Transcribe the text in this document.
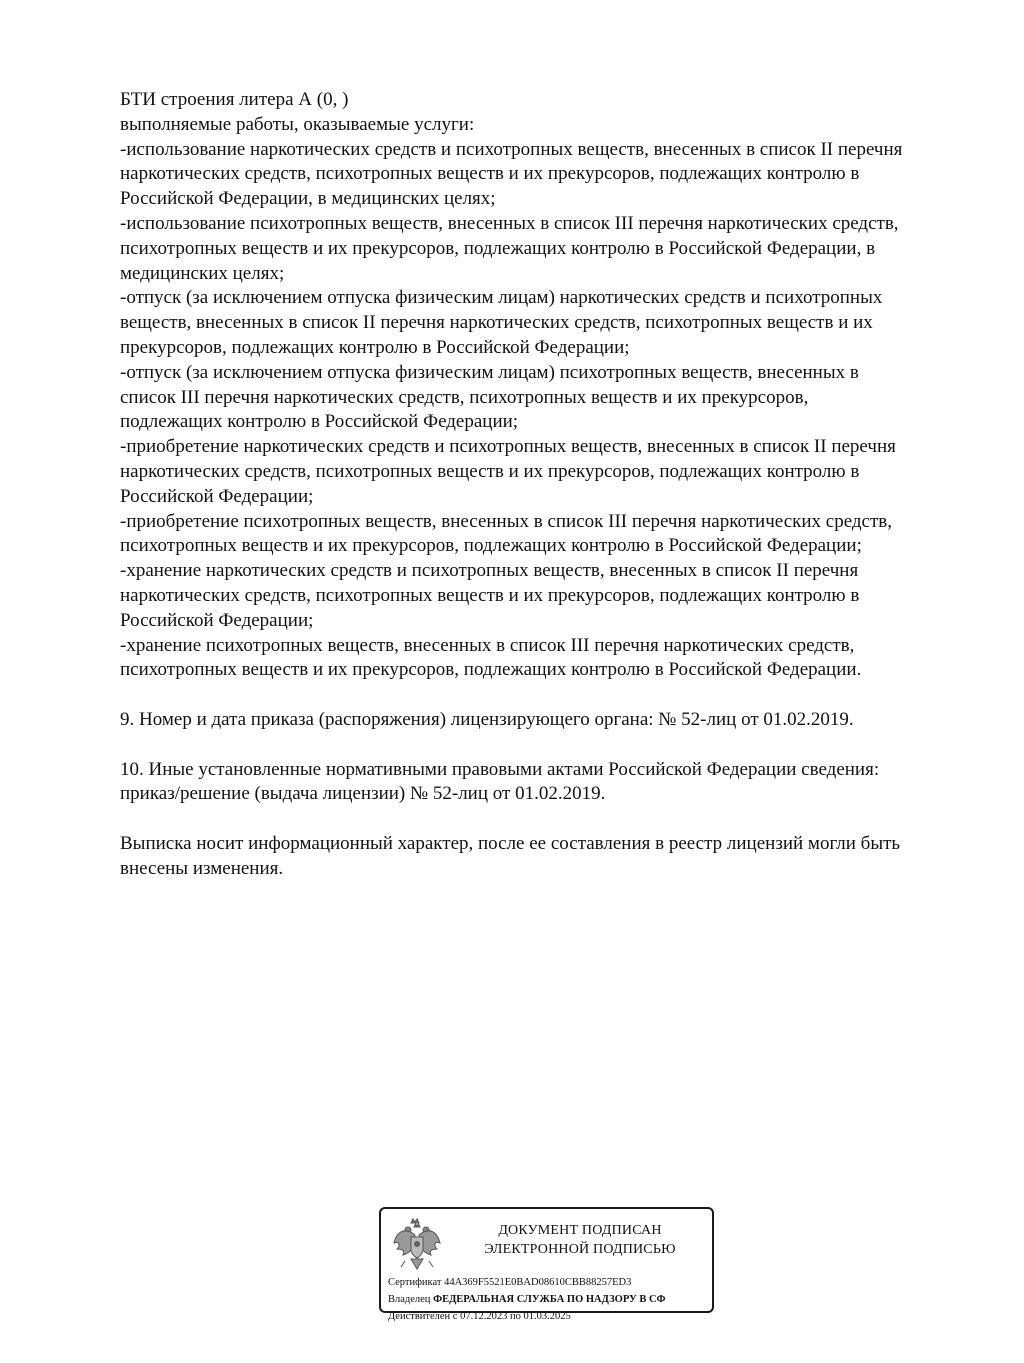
БТИ строения литера А (0, )
выполняемые работы, оказываемые услуги:
-использование наркотических средств и психотропных веществ, внесенных в список II перечня
наркотических средств, психотропных веществ и их прекурсоров, подлежащих контролю в
Российской Федерации, в медицинских целях;
-использование психотропных веществ, внесенных в список III перечня наркотических средств,
психотропных веществ и их прекурсоров, подлежащих контролю в Российской Федерации, в
медицинских целях;
-отпуск (за исключением отпуска физическим лицам) наркотических средств и психотропных
веществ, внесенных в список II перечня наркотических средств, психотропных веществ и их
прекурсоров, подлежащих контролю в Российской Федерации;
-отпуск (за исключением отпуска физическим лицам) психотропных веществ, внесенных в
список III перечня наркотических средств, психотропных веществ и их прекурсоров,
подлежащих контролю в Российской Федерации;
-приобретение наркотических средств и психотропных веществ, внесенных в список II перечня
наркотических средств, психотропных веществ и их прекурсоров, подлежащих контролю в
Российской Федерации;
-приобретение психотропных веществ, внесенных в список III перечня наркотических средств,
психотропных веществ и их прекурсоров, подлежащих контролю в Российской Федерации;
-хранение наркотических средств и психотропных веществ, внесенных в список II перечня
наркотических средств, психотропных веществ и их прекурсоров, подлежащих контролю в
Российской Федерации;
-хранение психотропных веществ, внесенных в список III перечня наркотических средств,
психотропных веществ и их прекурсоров, подлежащих контролю в Российской Федерации.
9. Номер и дата приказа (распоряжения) лицензирующего органа: № 52-лиц от 01.02.2019.
10. Иные установленные нормативными правовыми актами Российской Федерации сведения:
приказ/решение (выдача лицензии) № 52-лиц от 01.02.2019.
Выписка носит информационный характер, после ее составления в реестр лицензий могли быть
внесены изменения.
ДОКУМЕНТ ПОДПИСАН
ЭЛЕКТРОННОЙ ПОДПИСЬЮ
Сертификат 44A369F5521E0BAD08610CBB88257ED3
Владелец ФЕДЕРАЛЬНАЯ СЛУЖБА ПО НАДЗОРУ В СФ
Действителен с 07.12.2023 по 01.03.2025
